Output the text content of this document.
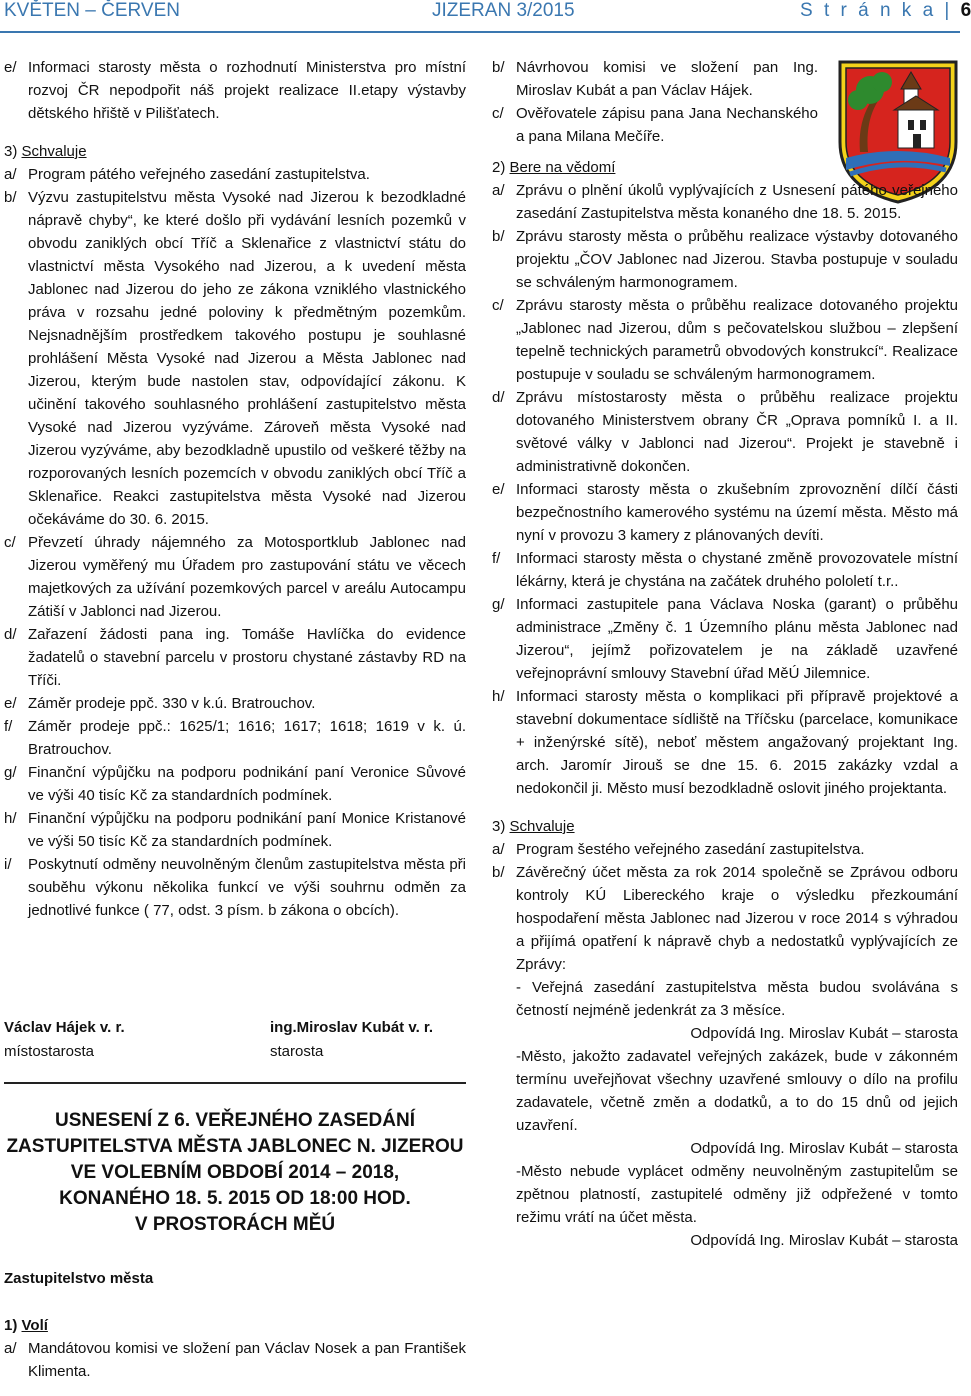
KVĚTEN – ČERVEN	JIZERAN 3/2015	S t r á n k a | 6

e/ Informaci starosty města o rozhodnutí Ministerstva pro místní rozvoj ČR nepodpořit náš projekt realizace II.etapy výstavby dětského hřiště v Pilišťatech.

3) Schvaluje

a/ Program pátého veřejného zasedání zastupitelstva.

b/ Výzvu zastupitelstvu města Vysoké nad Jizerou k bezodkladné nápravě chyby“, ke které došlo při vydávání lesních pozemků v obvodu zaniklých obcí Tříč a Sklenařice z vlastnictví státu do vlastnictví města Vysokého nad Jizerou, a k uvedení města Jablonec nad Jizerou do jeho ze zákona vzniklého vlastnického práva v rozsahu jedné poloviny k předmětným pozemkům. Nejsnadnějším prostředkem takového postupu je souhlasné prohlášení Města Vysoké nad Jizerou a Města Jablonec nad Jizerou, kterým bude nastolen stav, odpovídající zákonu. K učinění takového souhlasného prohlášení zastupitelstvo města Vysoké nad Jizerou vyzýváme. Zároveň města Vysoké nad Jizerou vyzýváme, aby bezodkladně upustilo od veškeré těžby na rozporovaných lesních pozemcích v obvodu zaniklých obcí Tříč a Sklenařice. Reakci zastupitelstva města Vysoké nad Jizerou očekáváme do 30. 6. 2015.

c/ Převzetí úhrady nájemného za Motosportklub Jablonec nad Jizerou vyměřený mu Úřadem pro zastupování státu ve věcech majetkových za užívání pozemkových parcel v areálu Autocampu Zátiší v Jablonci nad Jizerou.

d/ Zařazení žádosti pana ing. Tomáše Havlíčka do evidence žadatelů o stavební parcelu v prostoru chystané zástavby RD na Tříči.

e/ Záměr prodeje ppč. 330 v k.ú. Bratrouchov.

f/ Záměr prodeje ppč.: 1625/1; 1616; 1617; 1618; 1619 v k. ú. Bratrouchov.

g/ Finanční výpůjčku na podporu podnikání paní Veronice Sůvové ve výši 40 tisíc Kč za standardních podmínek.

h/ Finanční výpůjčku na podporu podnikání paní Monice Kristanové ve výši 50 tisíc Kč za standardních podmínek.

i/ Poskytnutí odměny neuvolněným členům zastupitelstva města při souběhu výkonu několika funkcí ve výši souhrnu odměn za jednotlivé funkce ( 77, odst. 3 písm. b zákona o obcích).

Václav Hájek v. r.
místostarosta
ing.Miroslav Kubát v. r.
starosta
USNESENÍ Z 6. VEŘEJNÉHO ZASEDÁNÍ
ZASTUPITELSTVA MĚSTA JABLONEC N. JIZEROU
VE VOLEBNÍM OBDOBÍ 2014 – 2018,
KONANÉHO 18. 5. 2015 OD 18:00 HOD.
V PROSTORÁCH MĚÚ
Zastupitelstvo města

1) Volí

a/ Mandátovou komisi ve složení pan Václav Nosek a pan František Klimenta.

b/ Návrhovou komisi ve složení pan Ing. Miroslav Kubát a pan Václav Hájek.

c/ Ověřovatele zápisu pana Jana Nechanského a pana Milana Mečíře.

2) Bere na vědomí

a/ Zprávu o plnění úkolů vyplývajících z Usnesení pátého veřejného zasedání Zastupitelstva města konaného dne 18. 5. 2015.

b/ Zprávu starosty města o průběhu realizace výstavby dotovaného projektu „ČOV Jablonec nad Jizerou. Stavba postupuje v souladu se schváleným harmonogramem.

c/ Zprávu starosty města o průběhu realizace dotovaného projektu „Jablonec nad Jizerou, dům s pečovatelskou službou – zlepšení tepelně technických parametrů obvodových konstrukcí“. Realizace postupuje v souladu se schváleným harmonogramem.

d/ Zprávu místostarosty města o průběhu realizace projektu dotovaného Ministerstvem obrany ČR „Oprava pomníků I. a II. světové války v Jablonci nad Jizerou“. Projekt je stavebně i administrativně dokončen.

e/ Informaci starosty města o zkušebním zprovoznění dílčí části bezpečnostního kamerového systému na území města. Město má nyní v provozu 3 kamery z plánovaných devíti.

f/ Informaci starosty města o chystané změně provozovatele místní lékárny, která je chystána na začátek druhého pololetí t.r..

g/ Informaci zastupitele pana Václava Noska (garant) o průběhu administrace „Změny č. 1 Územního plánu města Jablonec nad Jizerou“, jejímž pořizovatelem je na základě uzavřené veřejnoprávní smlouvy Stavební úřad MěÚ Jilemnice.

h/ Informaci starosty města o komplikaci při přípravě projektové a stavební dokumentace sídliště na Tříčsku (parcelace, komunikace + inženýrské sítě), neboť městem angažovaný projektant Ing. arch. Jaromír Jirouš se dne 15. 6. 2015 zakázky vzdal a nedokončil ji. Město musí bezodkladně oslovit jiného projektanta.

3) Schvaluje

a/ Program šestého veřejného zasedání zastupitelstva.

b/ Závěrečný účet města za rok 2014 společně se Zprávou odboru kontroly KÚ Libereckého kraje o výsledku přezkoumání hospodaření města Jablonec nad Jizerou v roce 2014 s výhradou a přijímá opatření k nápravě chyb a nedostatků vyplývajících ze Zprávy:

- Veřejná zasedání zastupitelstva města budou svolávána s četností nejméně jedenkrát za 3 měsíce.

Odpovídá Ing. Miroslav Kubát – starosta

-Město, jakožto zadavatel veřejných zakázek, bude v zákonném termínu uveřejňovat všechny uzavřené smlouvy o dílo na profilu zadavatele, včetně změn a dodatků, a to do 15 dnů od jejich uzavření.

Odpovídá Ing. Miroslav Kubát – starosta

-Město nebude vyplácet odměny neuvolněným zastupitelům se zpětnou platností, zastupitelé odměny již odpřežené v tomto režimu vrátí na účet města.

Odpovídá Ing. Miroslav Kubát – starosta
